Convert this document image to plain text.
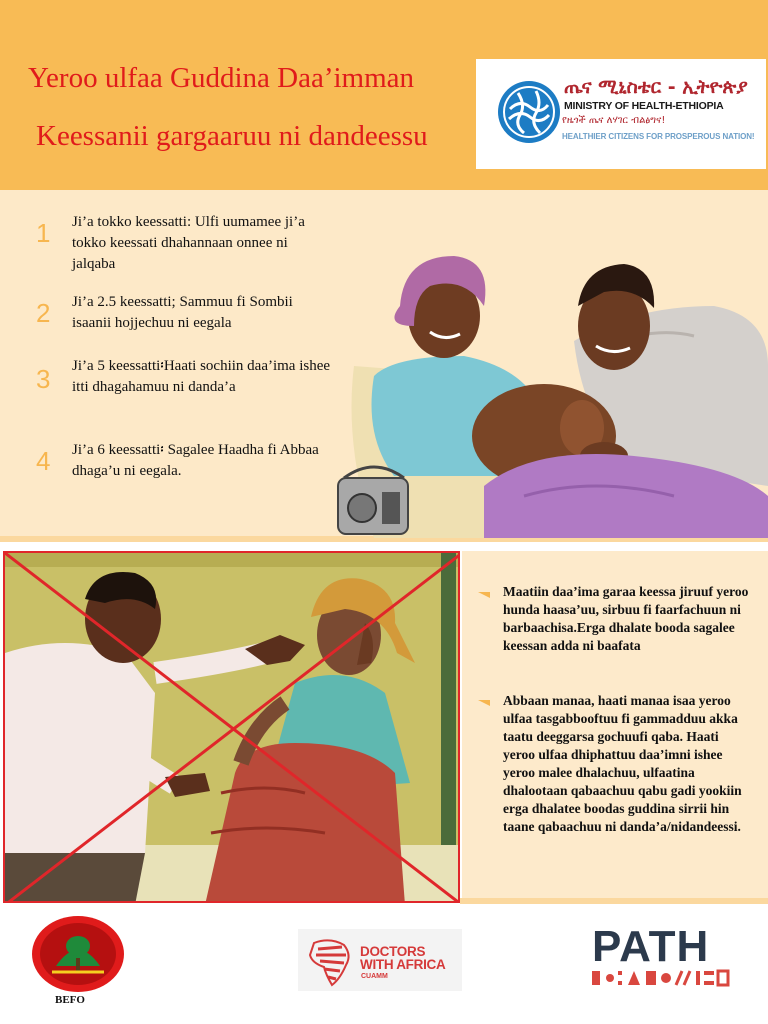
Yeroo ulfaa Guddina Daa’imman
Keessanii gargaaruu ni dandeessu
ጤና ሚኒስቴር - ኢትዮጵያ
MINISTRY OF HEALTH-ETHIOPIA
የዜጎች ጤና ለሃገር ብልፅግና!
HEALTHIER CITIZENS FOR PROSPEROUS NATION!
1 Ji’a tokko keessatti: Ulfi uumamee ji’a tokko keessati dhahannaan onnee ni jalqaba
2 Ji’a 2.5 keessatti; Sammuu fi Sombii isaanii hojjechuu ni eegala
3 Ji’a 5 keessatti፡Haati sochiin daa’ima ishee itti dhagahamuu ni danda’a
4 Ji’a 6 keessatti፡ Sagalee Haadha fi Abbaa dhaga’u ni eegala.
Maatiin daa’ima garaa keessa jiruuf yeroo hunda haasa’uu, sirbuu fi faarfachuun ni barbaachisa.Erga dhalate booda sagalee keessan adda ni baafata
Abbaan manaa, haati manaa isaa yeroo ulfaa tasgabbooftuu fi gammadduu akka taatu deeggarsa gochuufi qaba. Haati yeroo ulfaa dhiphattuu daa’imni ishee yeroo malee dhalachuu, ulfaatina dhalootaan qabaachuu qabu gadi yookiin erga dhalatee boodas guddina sirrii hin taane qabaachuu ni danda’a/nidandeessi.
BEFO
DOCTORS
WITH AFRICA
CUAMM
PATH
